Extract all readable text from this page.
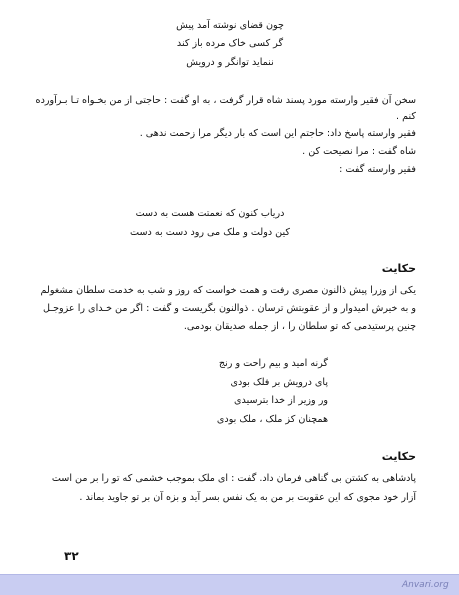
چون قضای نوشته آمد پیش
گر کسی خاک مرده باز کند
ننماید توانگر و درویش
سخن آن فقیر وارسته مورد پسند شاه قرار گرفت ، به او گفت : حاجتی از من بخـواه تـا بـرآورده
کنم .
فقیر وارسته پاسخ داد: حاجتم این است که بار دیگر مرا زحمت ندهی .
شاه گفت : مرا نصیحت کن .
فقیر وارسته گفت :
دریاب کنون که نعمتت هست به دست
کین دولت و ملک می رود دست به دست
حکایت
یکی از وزرا پیش ذالنون مصری رفت و همت خواست که روز و شب به خدمت سلطان مشغولم
و به خیرش امیدوار و از عقوبتش ترسان . ذوالنون بگریست و گفت : اگر من خـدای را عزوجـل
چنین پرستیدمی که تو سلطان را ، از جمله صدیقان بودمی.
گرنه امید و بیم راحت و رنج
پای درویش بر فلک بودی
ور وزیر از خدا بترسیدی
همچنان کز ملک ، ملک بودی
حکایت
پادشاهی به کشتن بی گناهی فرمان داد. گفت : ای ملک بموجب خشمی که تو را بر من است
آزار خود مجوی که این عقوبت بر من به یک نفس بسر آید و بزه آن بر تو جاوید بماند .
۳۲
Anvari.org
